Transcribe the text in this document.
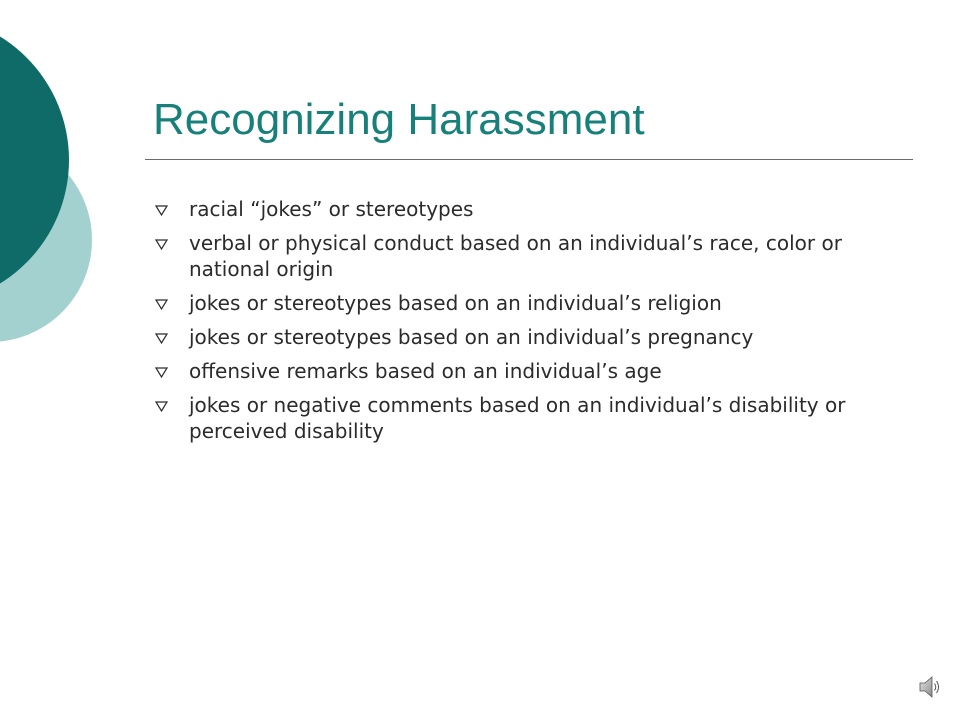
Recognizing Harassment
racial “jokes” or stereotypes
verbal or physical conduct based on an individual’s race, color or national origin
jokes or stereotypes based on an individual’s religion
jokes or stereotypes based on an individual’s pregnancy
offensive remarks based on an individual’s age
jokes or negative comments based on an individual’s disability or perceived disability
